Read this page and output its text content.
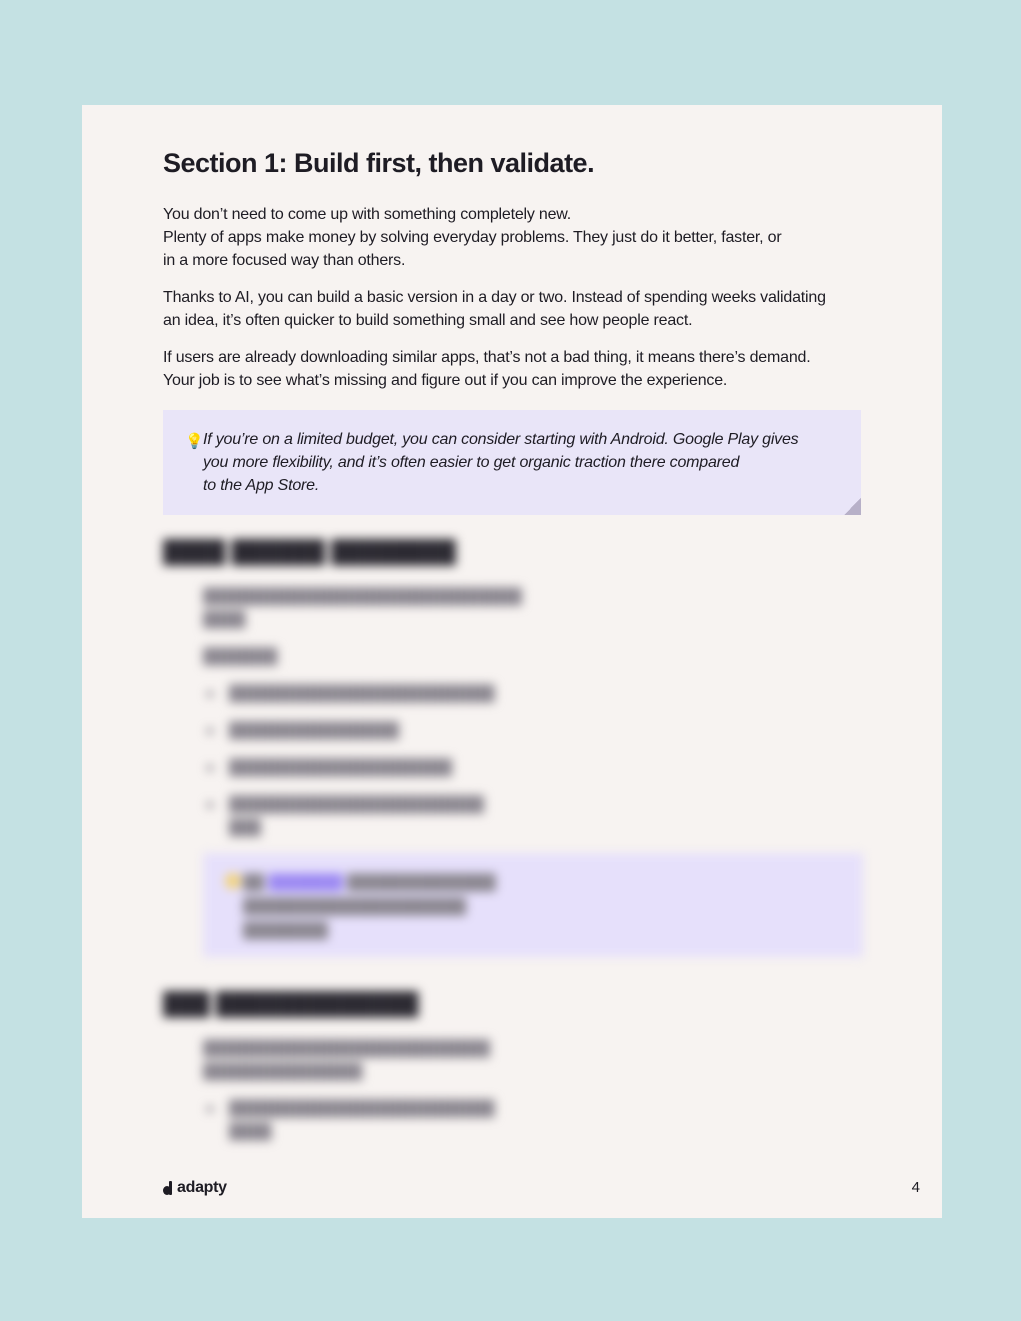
Section 1: Build first, then validate.

You don’t need to come up with something completely new.
Plenty of apps make money by solving everyday problems. They just do it better, faster, or
in a more focused way than others.

Thanks to AI, you can build a basic version in a day or two. Instead of spending weeks validating
an idea, it’s often quicker to build something small and see how people react.

If users are already downloading similar apps, that’s not a bad thing, it means there’s demand.
Your job is to see what’s missing and figure out if you can improve the experience.

💡 If you’re on a limited budget, you can consider starting with Android. Google Play gives
you more flexibility, and it’s often easier to get organic traction there compared
to the App Store.
████ ██████ ████████
██████████████████████████████
████
███████
█████████████████████████
████████████████
█████████████████████
████████████████████████
███
██ ███████ ██████████████
█████████████████████
████████
███ █████████████
███████████████████████████
███████████████
█████████████████████████
████
adapty	4
